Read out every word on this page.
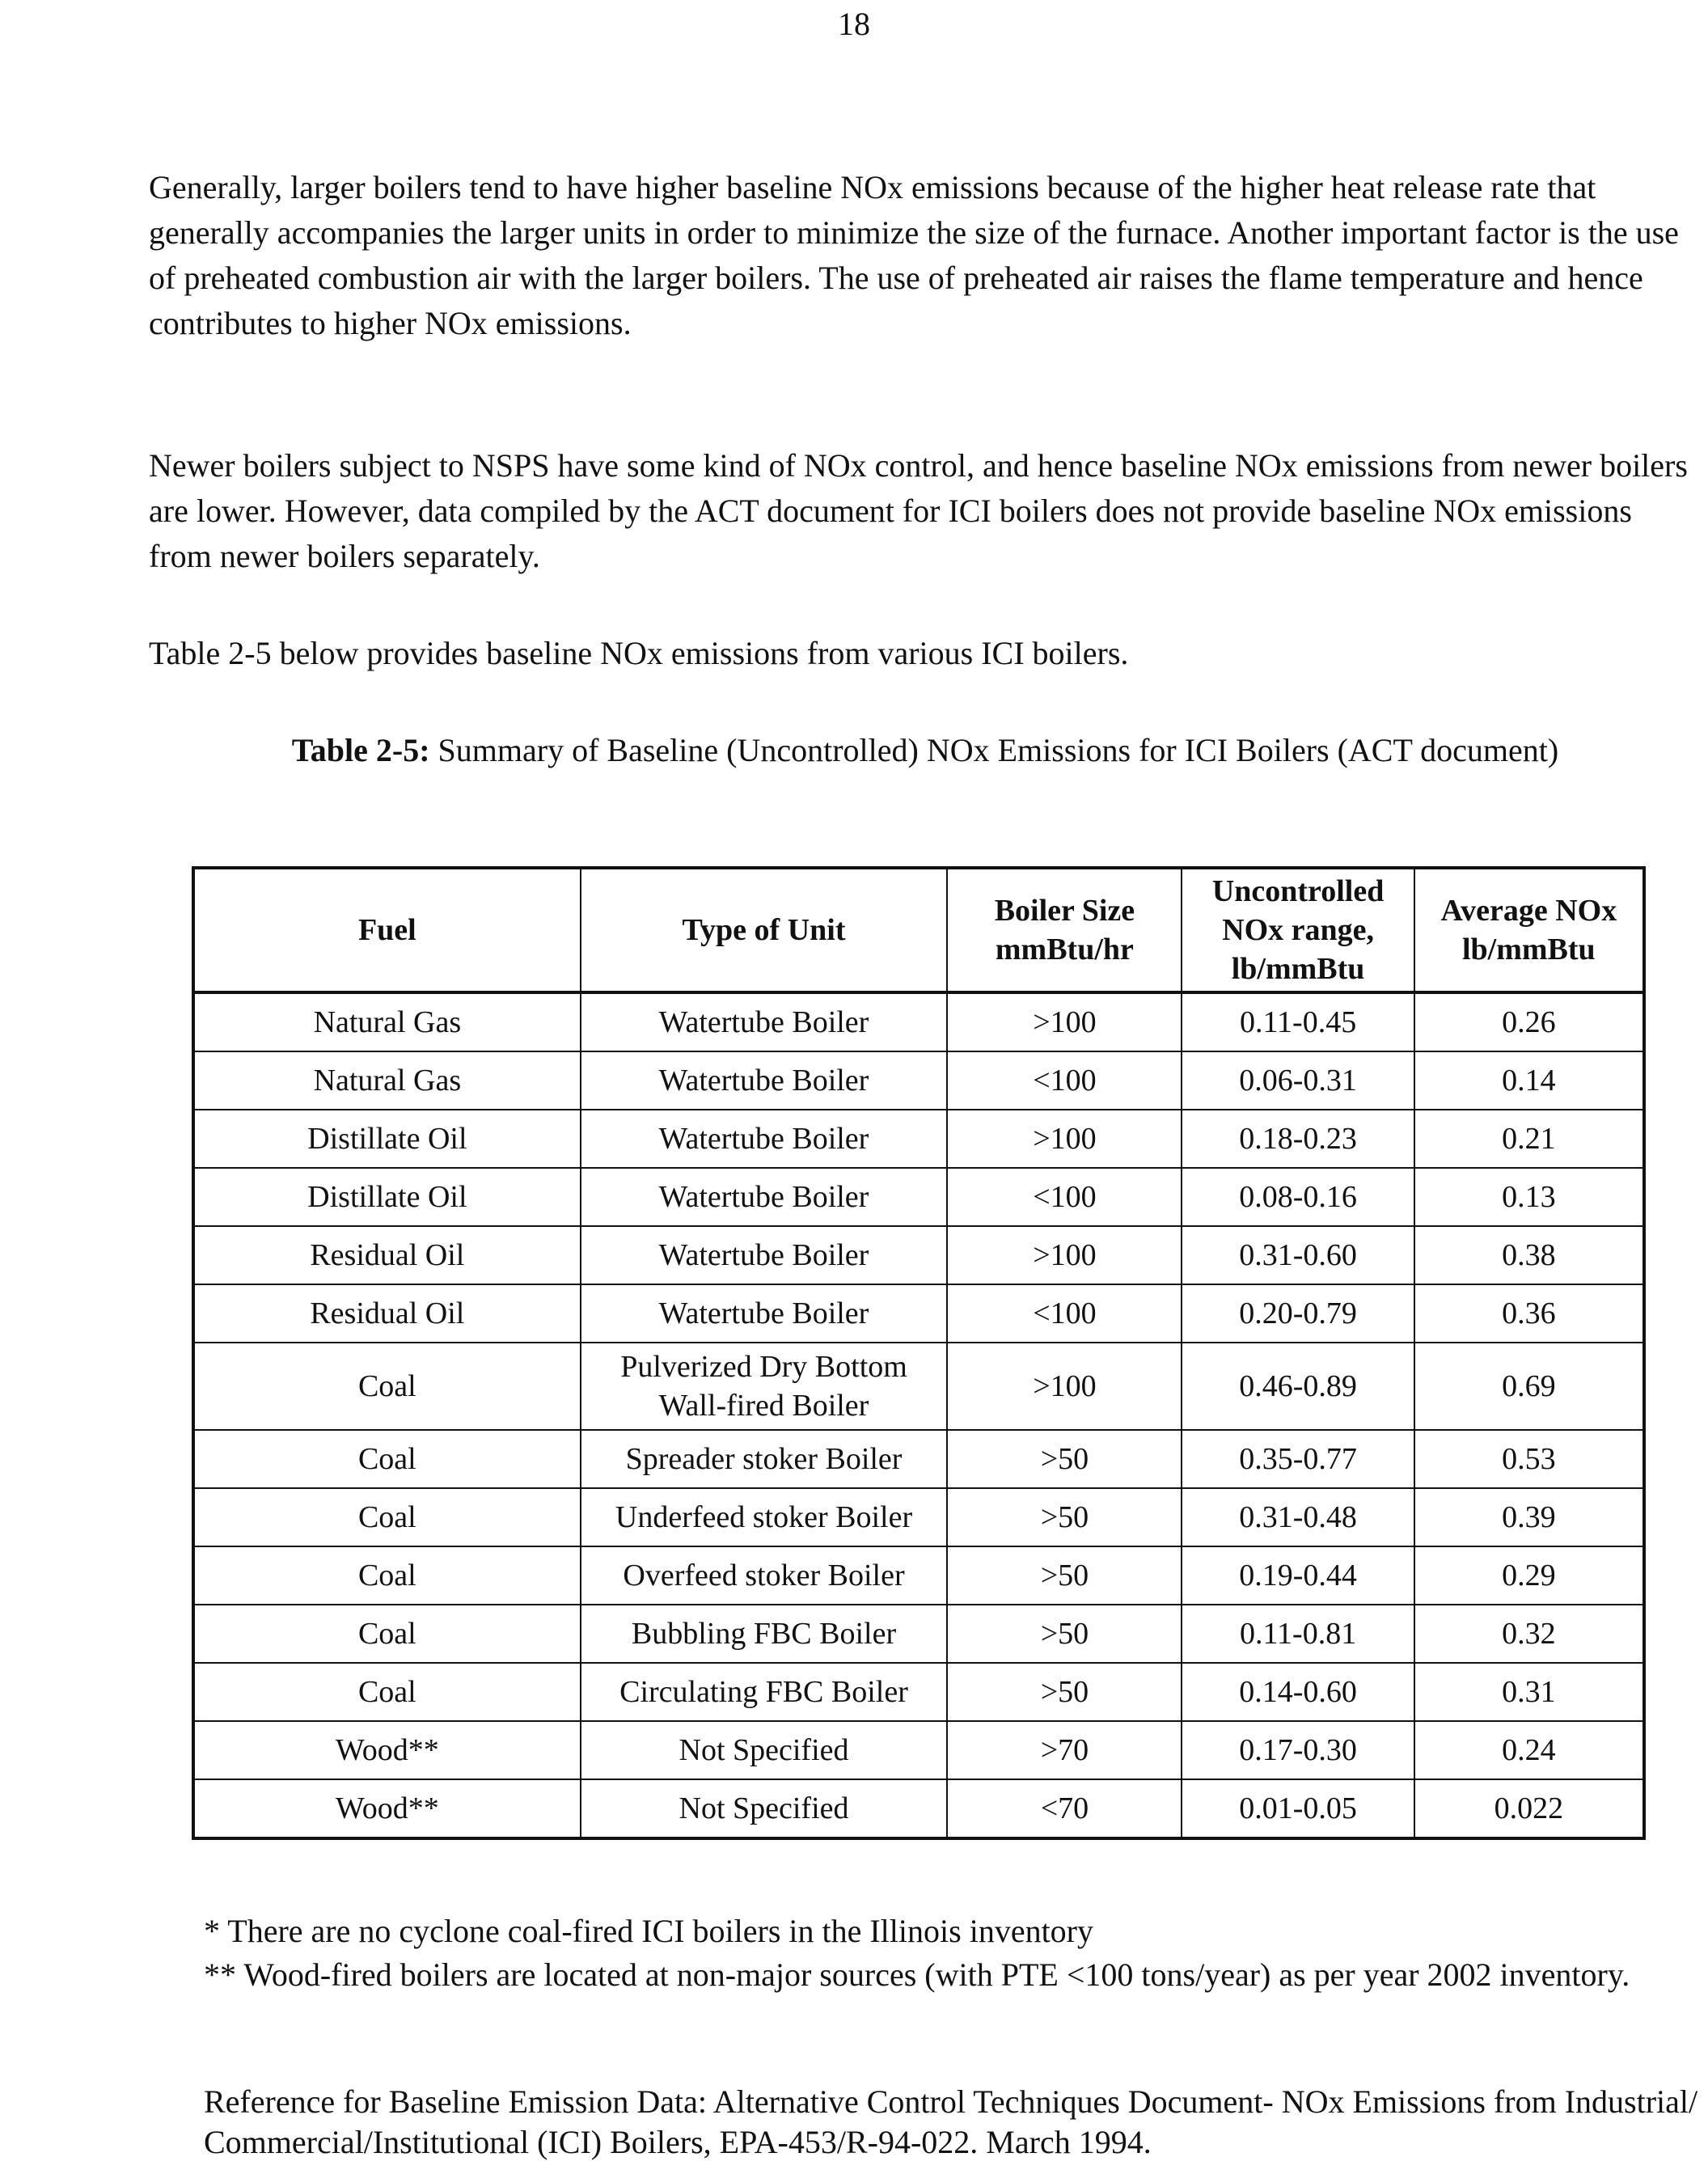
18

Generally, larger boilers tend to have higher baseline NOx emissions because of the higher heat release rate that generally accompanies the larger units in order to minimize the size of the furnace. Another important factor is the use of preheated combustion air with the larger boilers. The use of preheated air raises the flame temperature and hence contributes to higher NOx emissions.

Newer boilers subject to NSPS have some kind of NOx control, and hence baseline NOx emissions from newer boilers are lower. However, data compiled by the ACT document for ICI boilers does not provide baseline NOx emissions from newer boilers separately.

Table 2-5 below provides baseline NOx emissions from various ICI boilers.

Table 2-5: Summary of Baseline (Uncontrolled) NOx Emissions for ICI Boilers (ACT document)
Fuel	Type of Unit	Boiler Size mmBtu/hr	Uncontrolled NOx range, lb/mmBtu	Average NOx lb/mmBtu
Natural Gas	Watertube Boiler	>100	0.11-0.45	0.26
Natural Gas	Watertube Boiler	<100	0.06-0.31	0.14
Distillate Oil	Watertube Boiler	>100	0.18-0.23	0.21
Distillate Oil	Watertube Boiler	<100	0.08-0.16	0.13
Residual Oil	Watertube Boiler	>100	0.31-0.60	0.38
Residual Oil	Watertube Boiler	<100	0.20-0.79	0.36
Coal	Pulverized Dry Bottom Wall-fired Boiler	>100	0.46-0.89	0.69
Coal	Spreader stoker Boiler	>50	0.35-0.77	0.53
Coal	Underfeed stoker Boiler	>50	0.31-0.48	0.39
Coal	Overfeed stoker Boiler	>50	0.19-0.44	0.29
Coal	Bubbling FBC Boiler	>50	0.11-0.81	0.32
Coal	Circulating FBC Boiler	>50	0.14-0.60	0.31
Wood**	Not Specified	>70	0.17-0.30	0.24
Wood**	Not Specified	<70	0.01-0.05	0.022

* There are no cyclone coal-fired ICI boilers in the Illinois inventory

** Wood-fired boilers are located at non-major sources (with PTE <100 tons/year) as per year 2002 inventory.

Reference for Baseline Emission Data: Alternative Control Techniques Document- NOx Emissions from Industrial/ Commercial/Institutional (ICI) Boilers, EPA-453/R-94-022. March 1994.
